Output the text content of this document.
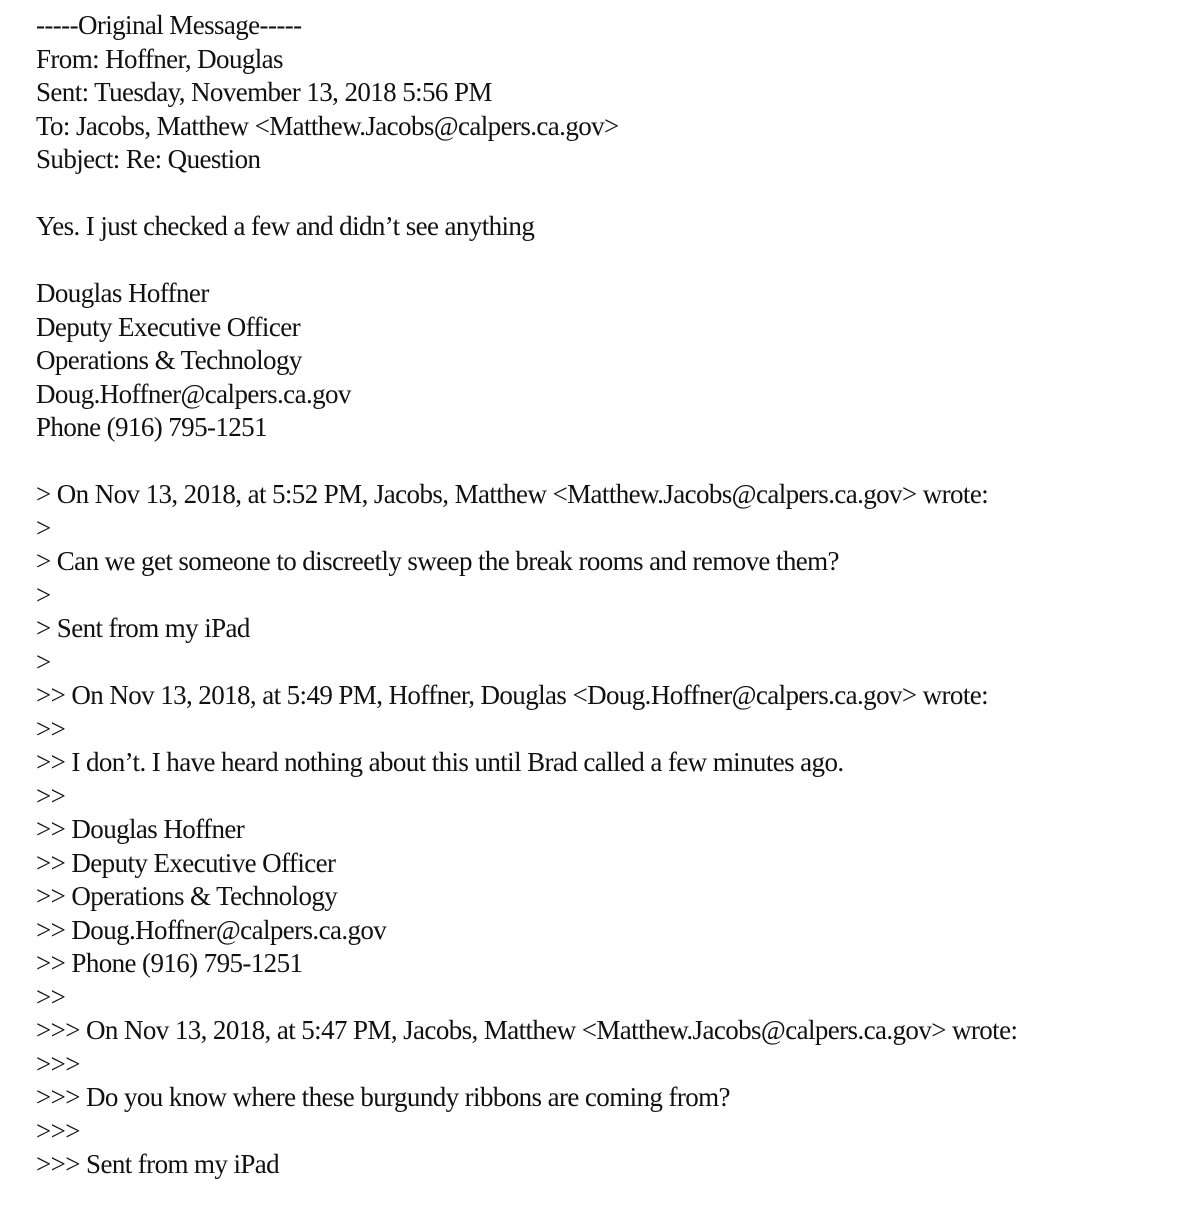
-----Original Message-----
From: Hoffner, Douglas
Sent: Tuesday, November 13, 2018 5:56 PM
To: Jacobs, Matthew <Matthew.Jacobs@calpers.ca.gov>
Subject: Re: Question
Yes. I just checked a few and didn’t see anything
Douglas Hoffner
Deputy Executive Officer
Operations & Technology
Doug.Hoffner@calpers.ca.gov
Phone (916) 795-1251
> On Nov 13, 2018, at 5:52 PM, Jacobs, Matthew <Matthew.Jacobs@calpers.ca.gov> wrote:
>
> Can we get someone to discreetly sweep the break rooms and remove them?
>
> Sent from my iPad
>
>> On Nov 13, 2018, at 5:49 PM, Hoffner, Douglas <Doug.Hoffner@calpers.ca.gov> wrote:
>>
>> I don’t. I have heard nothing about this until Brad called a few minutes ago.
>>
>> Douglas Hoffner
>> Deputy Executive Officer
>> Operations & Technology
>> Doug.Hoffner@calpers.ca.gov
>> Phone (916) 795-1251
>>
>>> On Nov 13, 2018, at 5:47 PM, Jacobs, Matthew <Matthew.Jacobs@calpers.ca.gov> wrote:
>>>
>>> Do you know where these burgundy ribbons are coming from?
>>>
>>> Sent from my iPad
